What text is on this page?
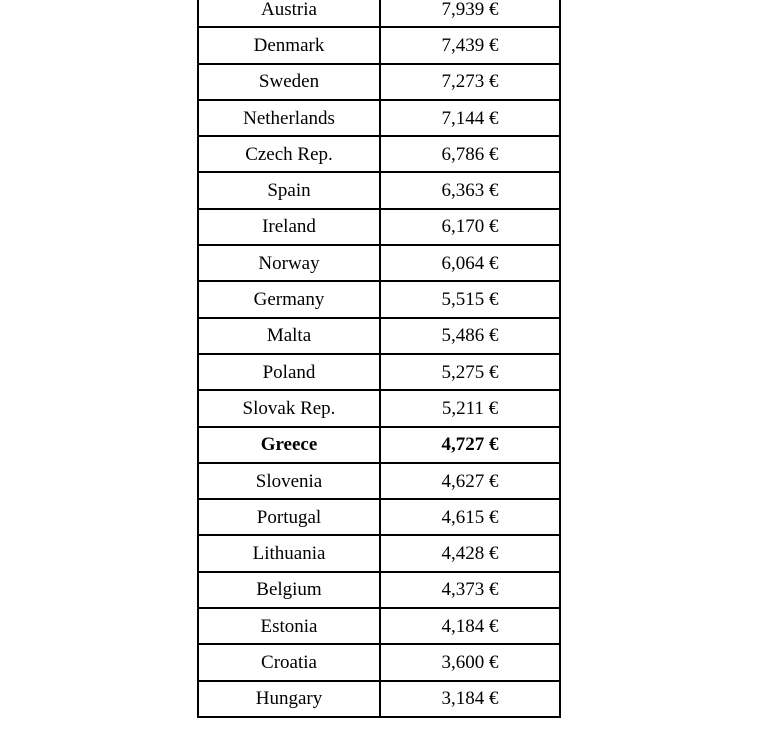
Austria	7,939 €
Denmark	7,439 €
Sweden	7,273 €
Netherlands	7,144 €
Czech Rep.	6,786 €
Spain	6,363 €
Ireland	6,170 €
Norway	6,064 €
Germany	5,515 €
Malta	5,486 €
Poland	5,275 €
Slovak Rep.	5,211 €
Greece	4,727 €
Slovenia	4,627 €
Portugal	4,615 €
Lithuania	4,428 €
Belgium	4,373 €
Estonia	4,184 €
Croatia	3,600 €
Hungary	3,184 €
